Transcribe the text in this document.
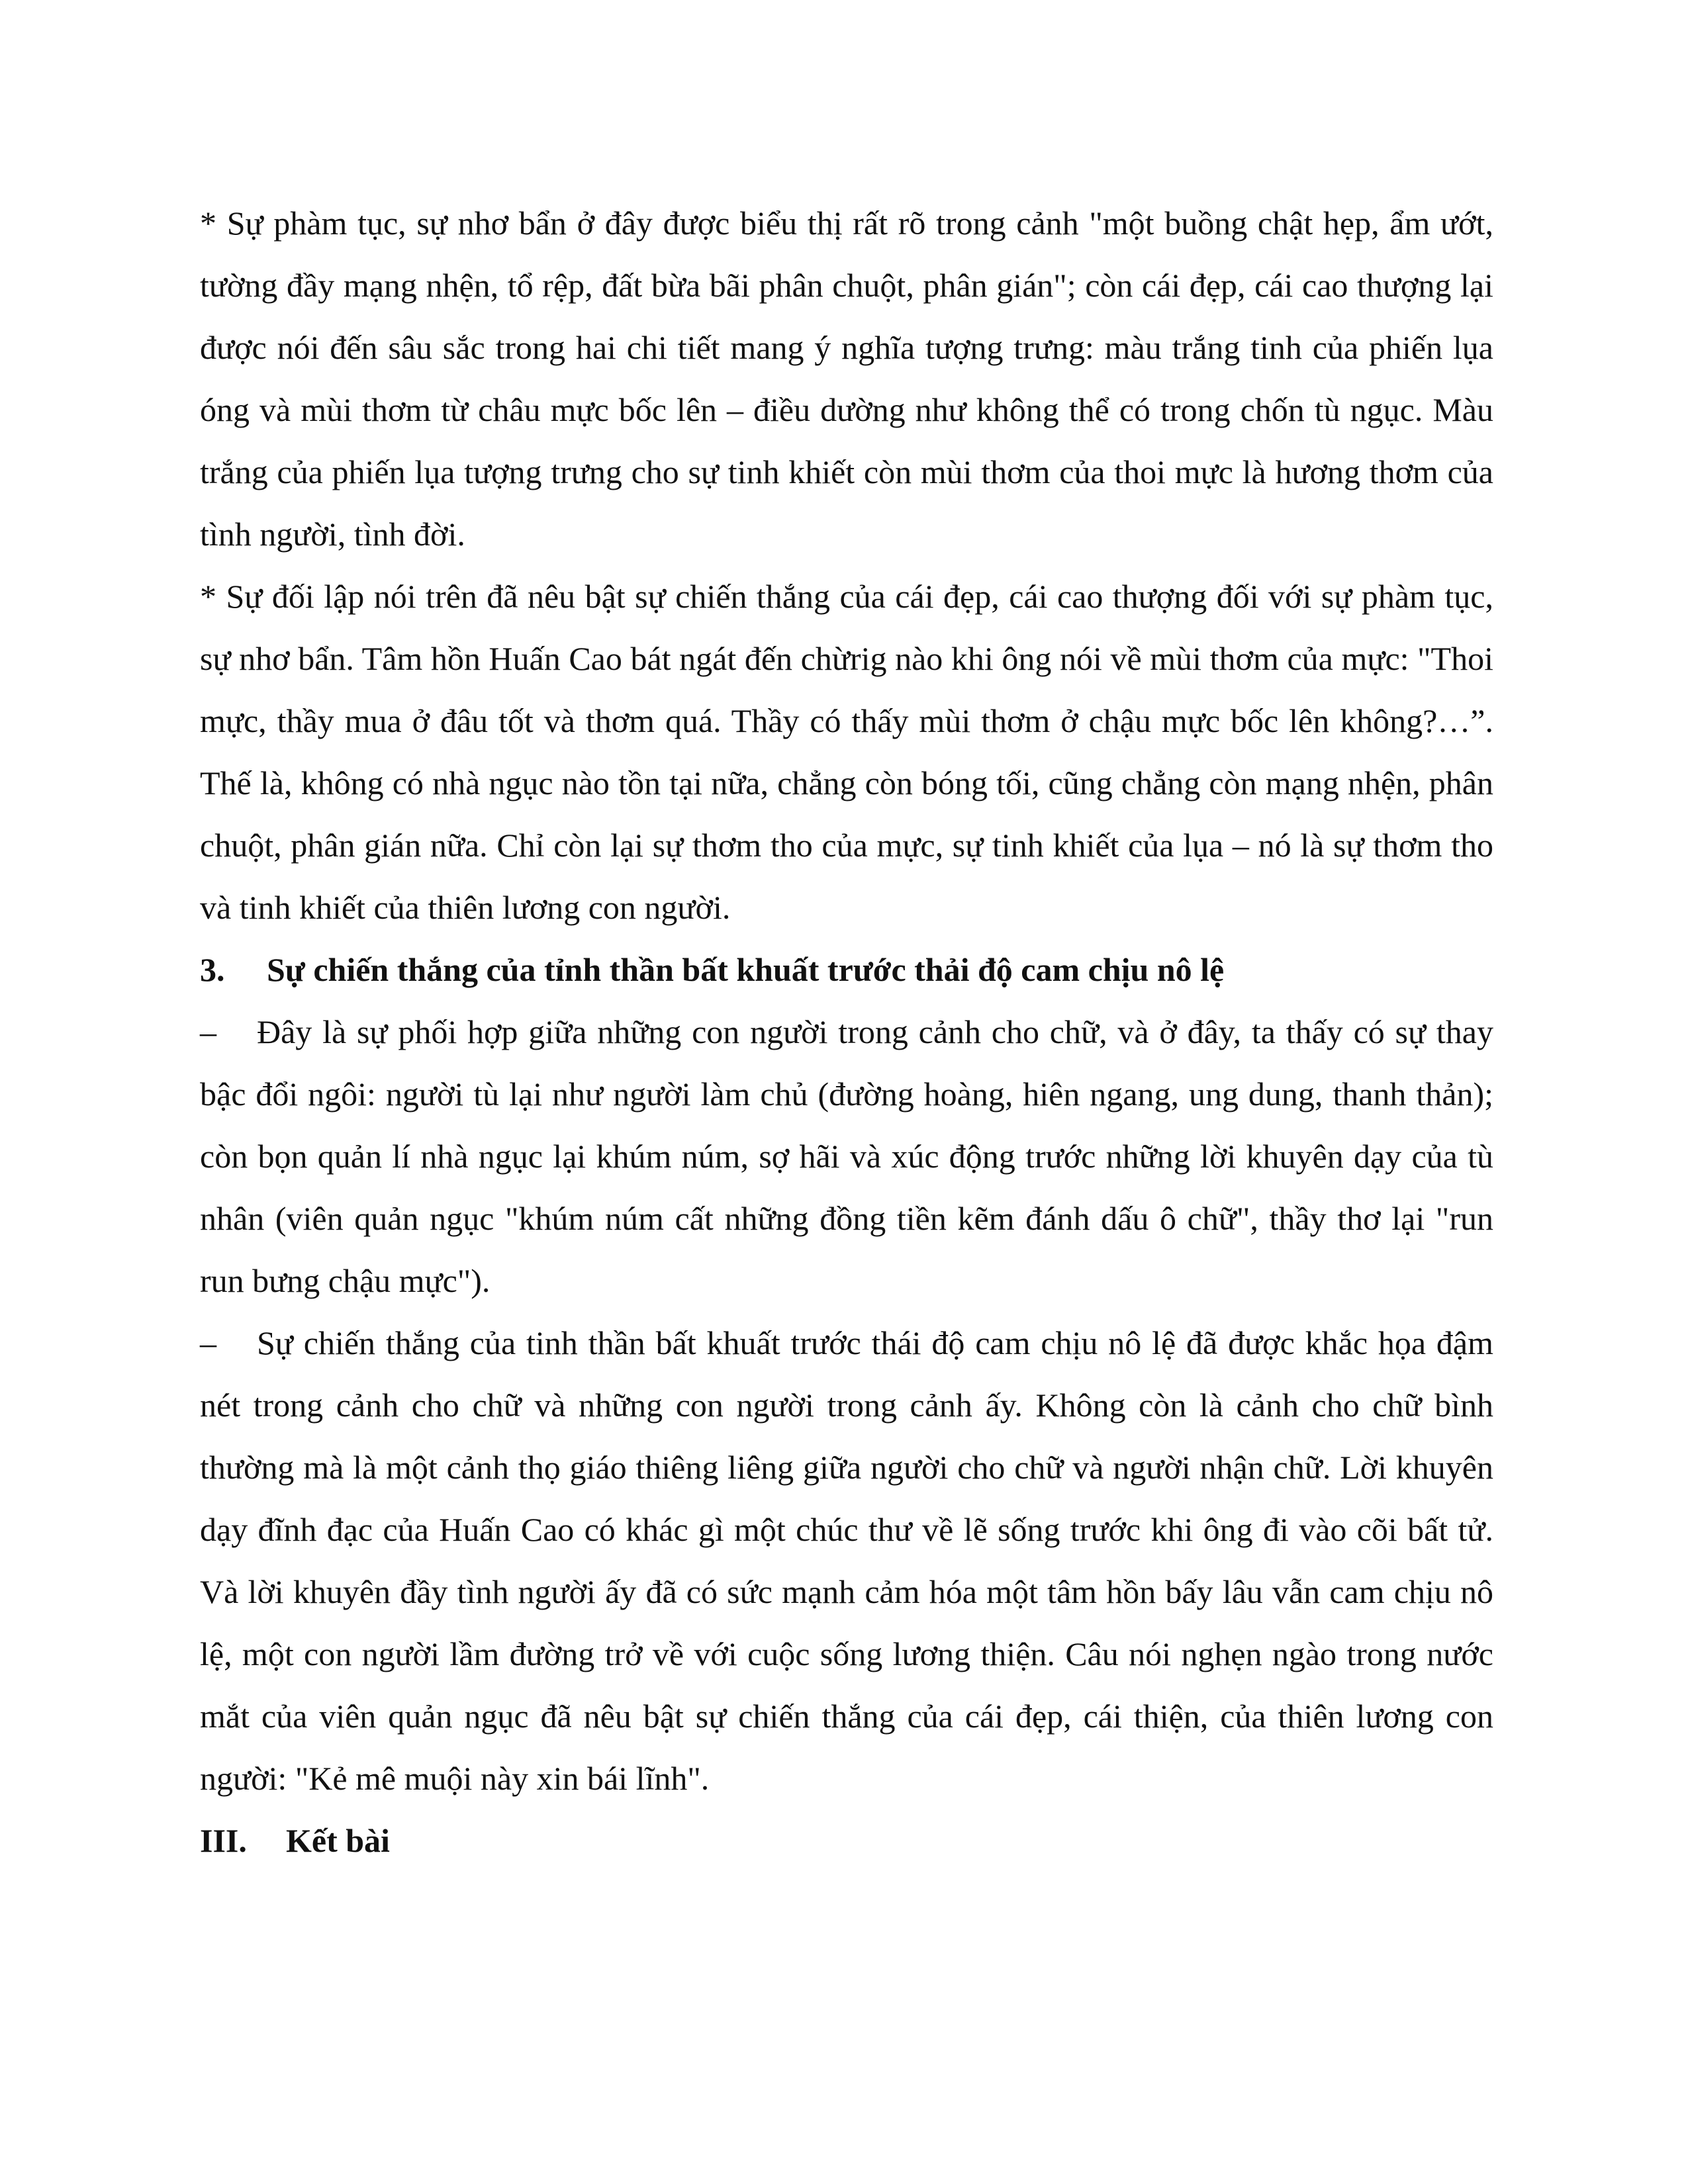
* Sự phàm tục, sự nhơ bẩn ở đây được biểu thị rất rõ trong cảnh "một buồng chật hẹp, ẩm ướt, tường đầy mạng nhện, tổ rệp, đất bừa bãi phân chuột, phân gián"; còn cái đẹp, cái cao thượng lại được nói đến sâu sắc trong hai chi tiết mang ý nghĩa tượng trưng: màu trắng tinh của phiến lụa óng và mùi thơm từ châu mực bốc lên – điều dường như không thể có trong chốn tù ngục. Màu trắng của phiến lụa tượng trưng cho sự tinh khiết còn mùi thơm của thoi mực là hương thơm của tình người, tình đời.

* Sự đối lập nói trên đã nêu bật sự chiến thắng của cái đẹp, cái cao thượng đối với sự phàm tục, sự nhơ bẩn. Tâm hồn Huấn Cao bát ngát đến chừrig nào khi ông nói về mùi thơm của mực: "Thoi mực, thầy mua ở đâu tốt và thơm quá. Thầy có thấy mùi thơm ở chậu mực bốc lên không?…”. Thế là, không có nhà ngục nào tồn tại nữa, chẳng còn bóng tối, cũng chẳng còn mạng nhện, phân chuột, phân gián nữa. Chỉ còn lại sự thơm tho của mực, sự tinh khiết của lụa – nó là sự thơm tho và tinh khiết của thiên lương con người.

3.	Sự chiến thắng của tỉnh thần bất khuất trước thải độ cam chịu nô lệ

– Đây là sự phối hợp giữa những con người trong cảnh cho chữ, và ở đây, ta thấy có sự thay bậc đổi ngôi: người tù lại như người làm chủ (đường hoàng, hiên ngang, ung dung, thanh thản); còn bọn quản lí nhà ngục lại khúm núm, sợ hãi và xúc động trước những lời khuyên dạy của tù nhân (viên quản ngục "khúm núm cất những đồng tiền kẽm đánh dấu ô chữ", thầy thơ lại "run run bưng chậu mực").

– Sự chiến thắng của tinh thần bất khuất trước thái độ cam chịu nô lệ đã được khắc họa đậm nét trong cảnh cho chữ và những con người trong cảnh ấy. Không còn là cảnh cho chữ bình thường mà là một cảnh thọ giáo thiêng liêng giữa người cho chữ và người nhận chữ. Lời khuyên dạy đĩnh đạc của Huấn Cao có khác gì một chúc thư về lẽ sống trước khi ông đi vào cõi bất tử. Và lời khuyên đầy tình người ấy đã có sức mạnh cảm hóa một tâm hồn bấy lâu vẫn cam chịu nô lệ, một con người lầm đường trở về với cuộc sống lương thiện. Câu nói nghẹn ngào trong nước mắt của viên quản ngục đã nêu bật sự chiến thắng của cái đẹp, cái thiện, của thiên lương con người: "Kẻ mê muội này xin bái lĩnh".

III.	Kết bài
